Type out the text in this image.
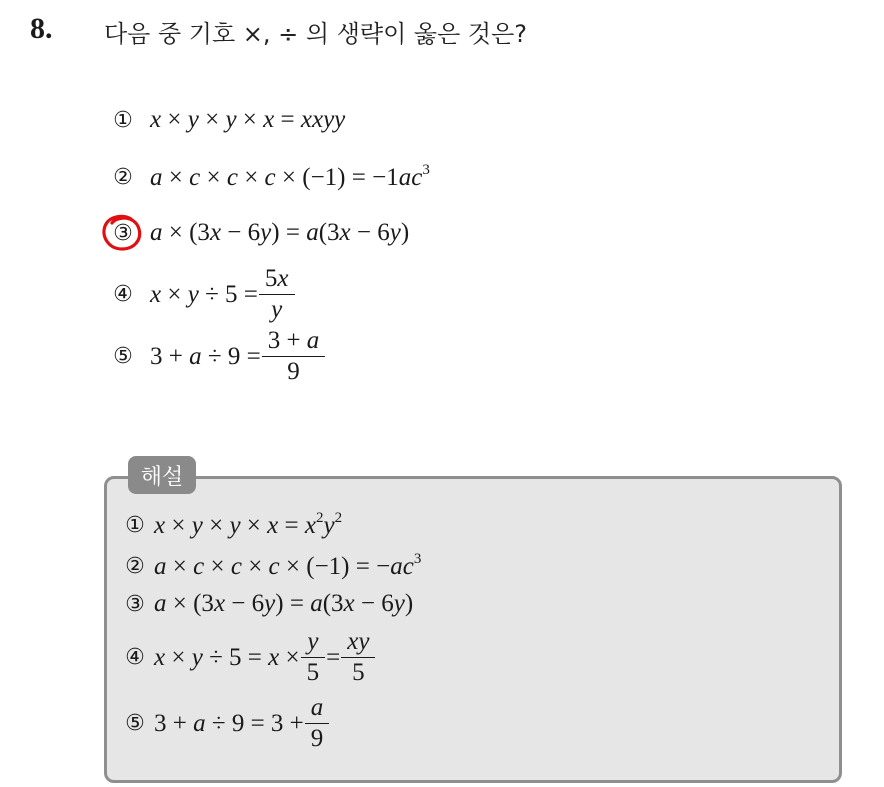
8. 다음 중 기호 ×, ÷ 의 생략이 옳은 것은?
① x × y × y × x = xxyy
② $a \times c \times c \times c \times (-1) = -1ac^3$
③ a × (3x − 6y) = a(3x − 6y)
④ $x \times y \div 5 = \frac{5x}{y}$
⑤ $3 + a \div 9 = \frac{3 + a}{9}$
해설
① $x \times y \times y \times x = x^2y^2$
② $a \times c \times c \times c \times (-1) = -ac^3$
③ a × (3x − 6y) = a(3x − 6y)
④ $x \times y \div 5 = x \times \frac{y}{5} = \frac{xy}{5}$
⑤ $3 + a \div 9 = 3 + \frac{a}{9}$
